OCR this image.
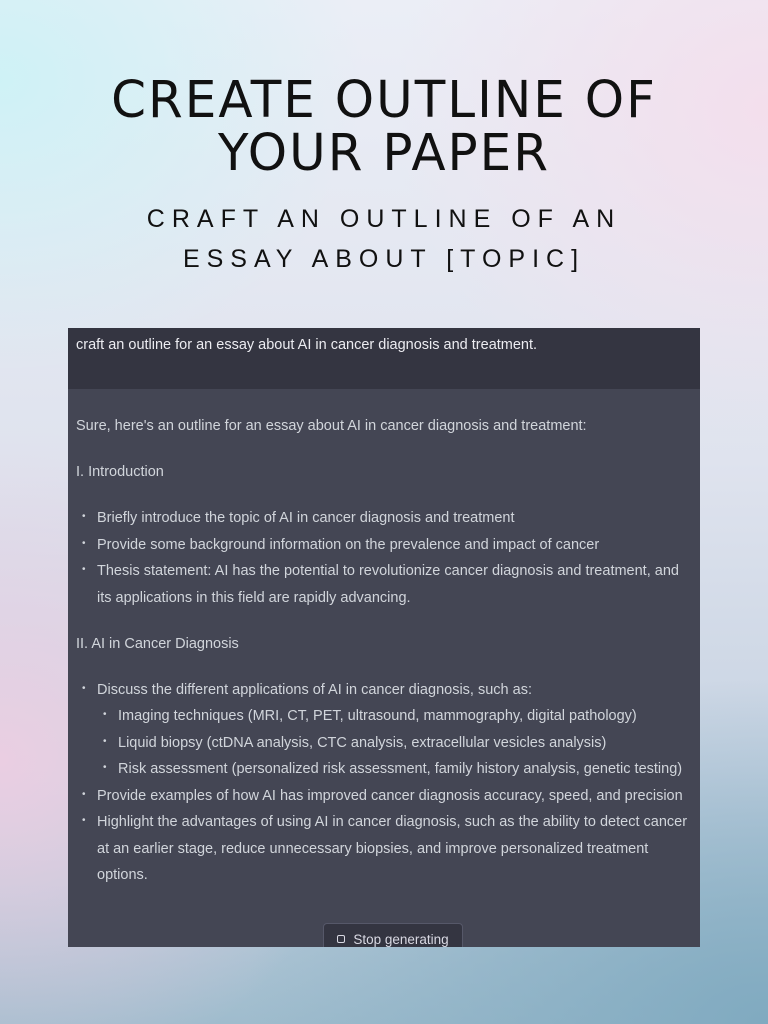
CREATE OUTLINE OF
YOUR PAPER
CRAFT AN OUTLINE OF AN
ESSAY ABOUT [TOPIC]
craft an outline for an essay about AI in cancer diagnosis and treatment.

Sure, here's an outline for an essay about AI in cancer diagnosis and treatment:

I. Introduction

• Briefly introduce the topic of AI in cancer diagnosis and treatment
• Provide some background information on the prevalence and impact of cancer
• Thesis statement: AI has the potential to revolutionize cancer diagnosis and treatment, and its applications in this field are rapidly advancing.

II. AI in Cancer Diagnosis

• Discuss the different applications of AI in cancer diagnosis, such as:
• Imaging techniques (MRI, CT, PET, ultrasound, mammography, digital pathology)
• Liquid biopsy (ctDNA analysis, CTC analysis, extracellular vesicles analysis)
• Risk assessment (personalized risk assessment, family history analysis, genetic testing)
• Provide examples of how AI has improved cancer diagnosis accuracy, speed, and precision
• Highlight the advantages of using AI in cancer diagnosis, such as the ability to detect cancer at an earlier stage, reduce unnecessary biopsies, and improve personalized treatment options.
Stop generating
